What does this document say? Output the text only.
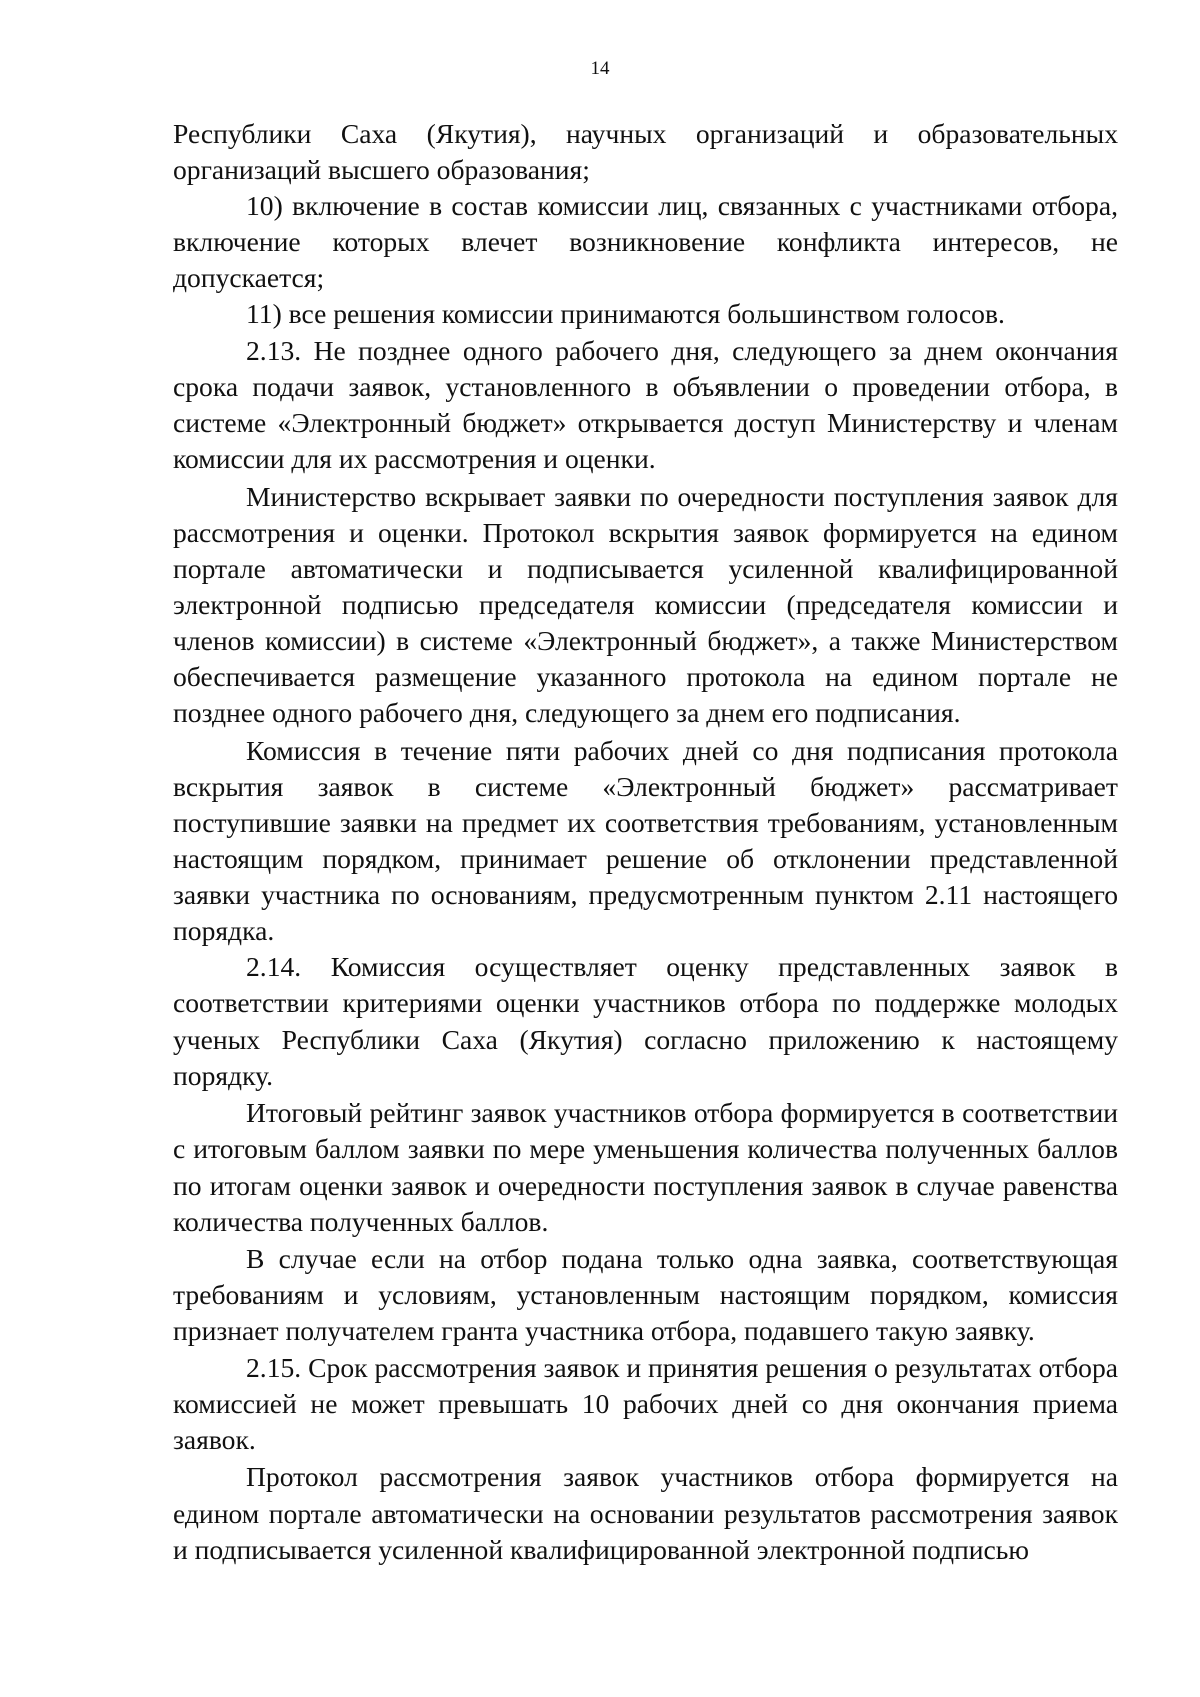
14

Республики Саха (Якутия), научных организаций и образовательных организаций высшего образования;

10) включение в состав комиссии лиц, связанных с участниками отбора, включение которых влечет возникновение конфликта интересов, не допускается;

11) все решения комиссии принимаются большинством голосов.

2.13. Не позднее одного рабочего дня, следующего за днем окончания срока подачи заявок, установленного в объявлении о проведении отбора, в системе «Электронный бюджет» открывается доступ Министерству и членам комиссии для их рассмотрения и оценки.

Министерство вскрывает заявки по очередности поступления заявок для рассмотрения и оценки. Протокол вскрытия заявок формируется на едином портале автоматически и подписывается усиленной квалифицированной электронной подписью председателя комиссии (председателя комиссии и членов комиссии) в системе «Электронный бюджет», а также Министерством обеспечивается размещение указанного протокола на едином портале не позднее одного рабочего дня, следующего за днем его подписания.

Комиссия в течение пяти рабочих дней со дня подписания протокола вскрытия заявок в системе «Электронный бюджет» рассматривает поступившие заявки на предмет их соответствия требованиям, установленным настоящим порядком, принимает решение об отклонении представленной заявки участника по основаниям, предусмотренным пунктом 2.11 настоящего порядка.

2.14. Комиссия осуществляет оценку представленных заявок в соответствии критериями оценки участников отбора по поддержке молодых ученых Республики Саха (Якутия) согласно приложению к настоящему порядку.

Итоговый рейтинг заявок участников отбора формируется в соответствии с итоговым баллом заявки по мере уменьшения количества полученных баллов по итогам оценки заявок и очередности поступления заявок в случае равенства количества полученных баллов.

В случае если на отбор подана только одна заявка, соответствующая требованиям и условиям, установленным настоящим порядком, комиссия признает получателем гранта участника отбора, подавшего такую заявку.

2.15. Срок рассмотрения заявок и принятия решения о результатах отбора комиссией не может превышать 10 рабочих дней со дня окончания приема заявок.

Протокол рассмотрения заявок участников отбора формируется на едином портале автоматически на основании результатов рассмотрения заявок и подписывается усиленной квалифицированной электронной подписью
